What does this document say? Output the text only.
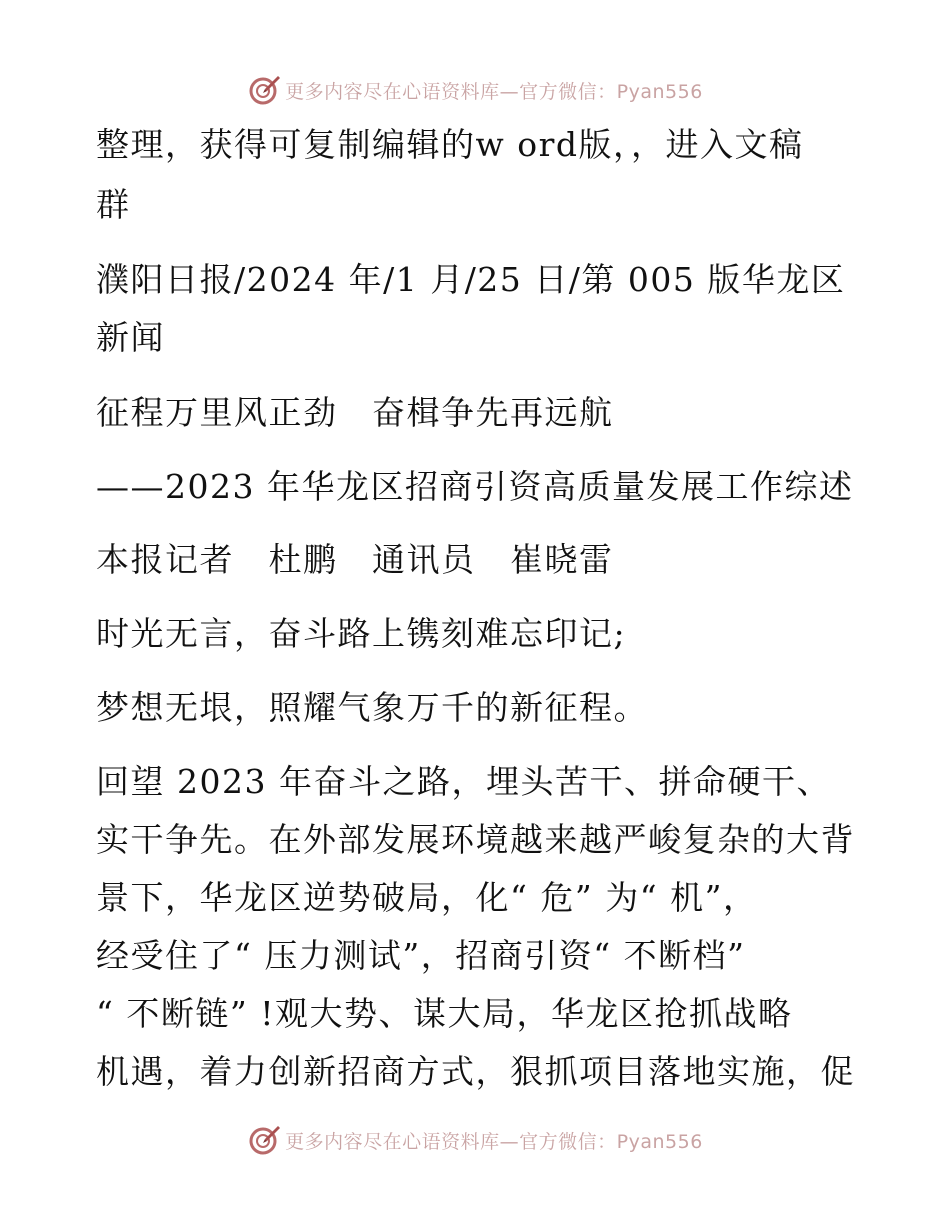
更多内容尽在心语资料库—官方微信：Pyan556
整理，获得可复制编辑的w ord版，，进入文稿
群
濮阳日报/2024 年/1 月/25 日/第 005 版华龙区
新闻
征程万里风正劲　奋楫争先再远航
——2023 年华龙区招商引资高质量发展工作综述
本报记者　杜鹏　通讯员　崔晓雷
时光无言，奋斗路上镌刻难忘印记;
梦想无垠，照耀气象万千的新征程。
回望 2023 年奋斗之路，埋头苦干、拼命硬干、
实干争先。在外部发展环境越来越严峻复杂的大背
景下，华龙区逆势破局，化“ 危” 为“ 机”，
经受住了“ 压力测试”，招商引资“ 不断档”
“ 不断链” !观大势、谋大局，华龙区抢抓战略
机遇，着力创新招商方式，狠抓项目落地实施，促
更多内容尽在心语资料库—官方微信：Pyan556
